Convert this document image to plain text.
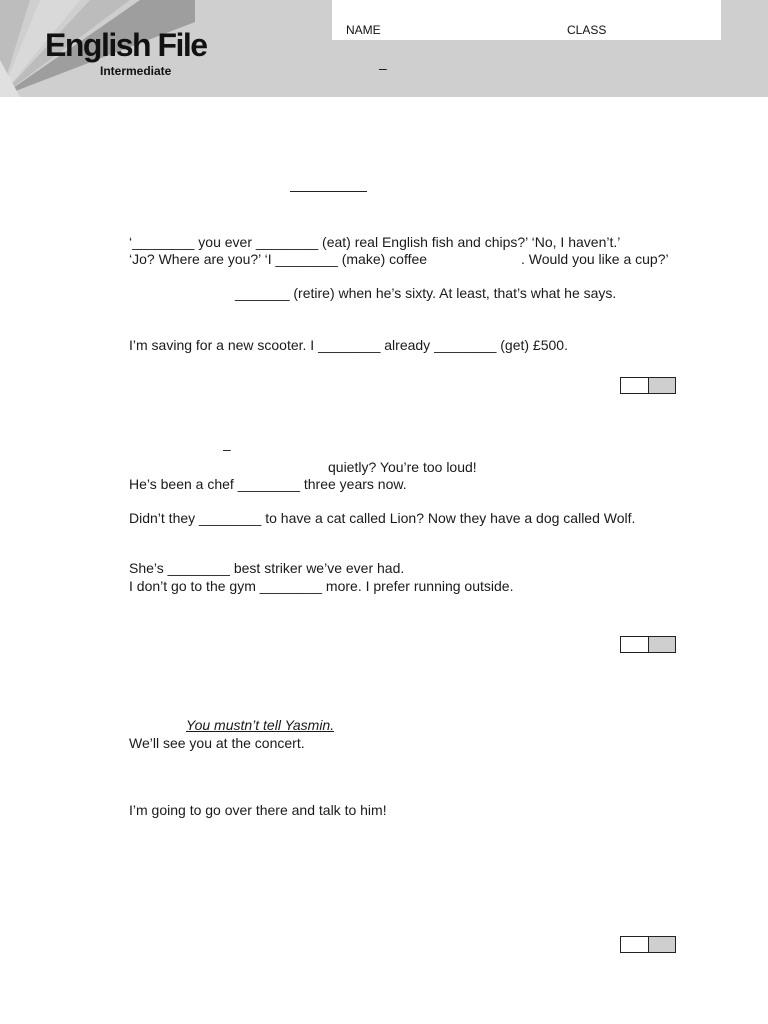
English File
Intermediate
NAME	CLASS
–
‘________ you ever ________ (eat) real English fish and chips?’ ‘No, I haven’t.’
‘Jo? Where are you?’ ‘I ________ (make) coffee	. Would you like a cup?’
_______ (retire) when he’s sixty. At least, that’s what he says.
I’m saving for a new scooter. I ________ already ________ (get) £500.
–
quietly? You’re too loud!
He’s been a chef ________ three years now.
Didn’t they ________ to have a cat called Lion? Now they have a dog called Wolf.
She’s ________ best striker we’ve ever had.
I don’t go to the gym ________ more. I prefer running outside.
You mustn’t tell Yasmin.
We’ll see you at the concert.
I’m going to go over there and talk to him!
